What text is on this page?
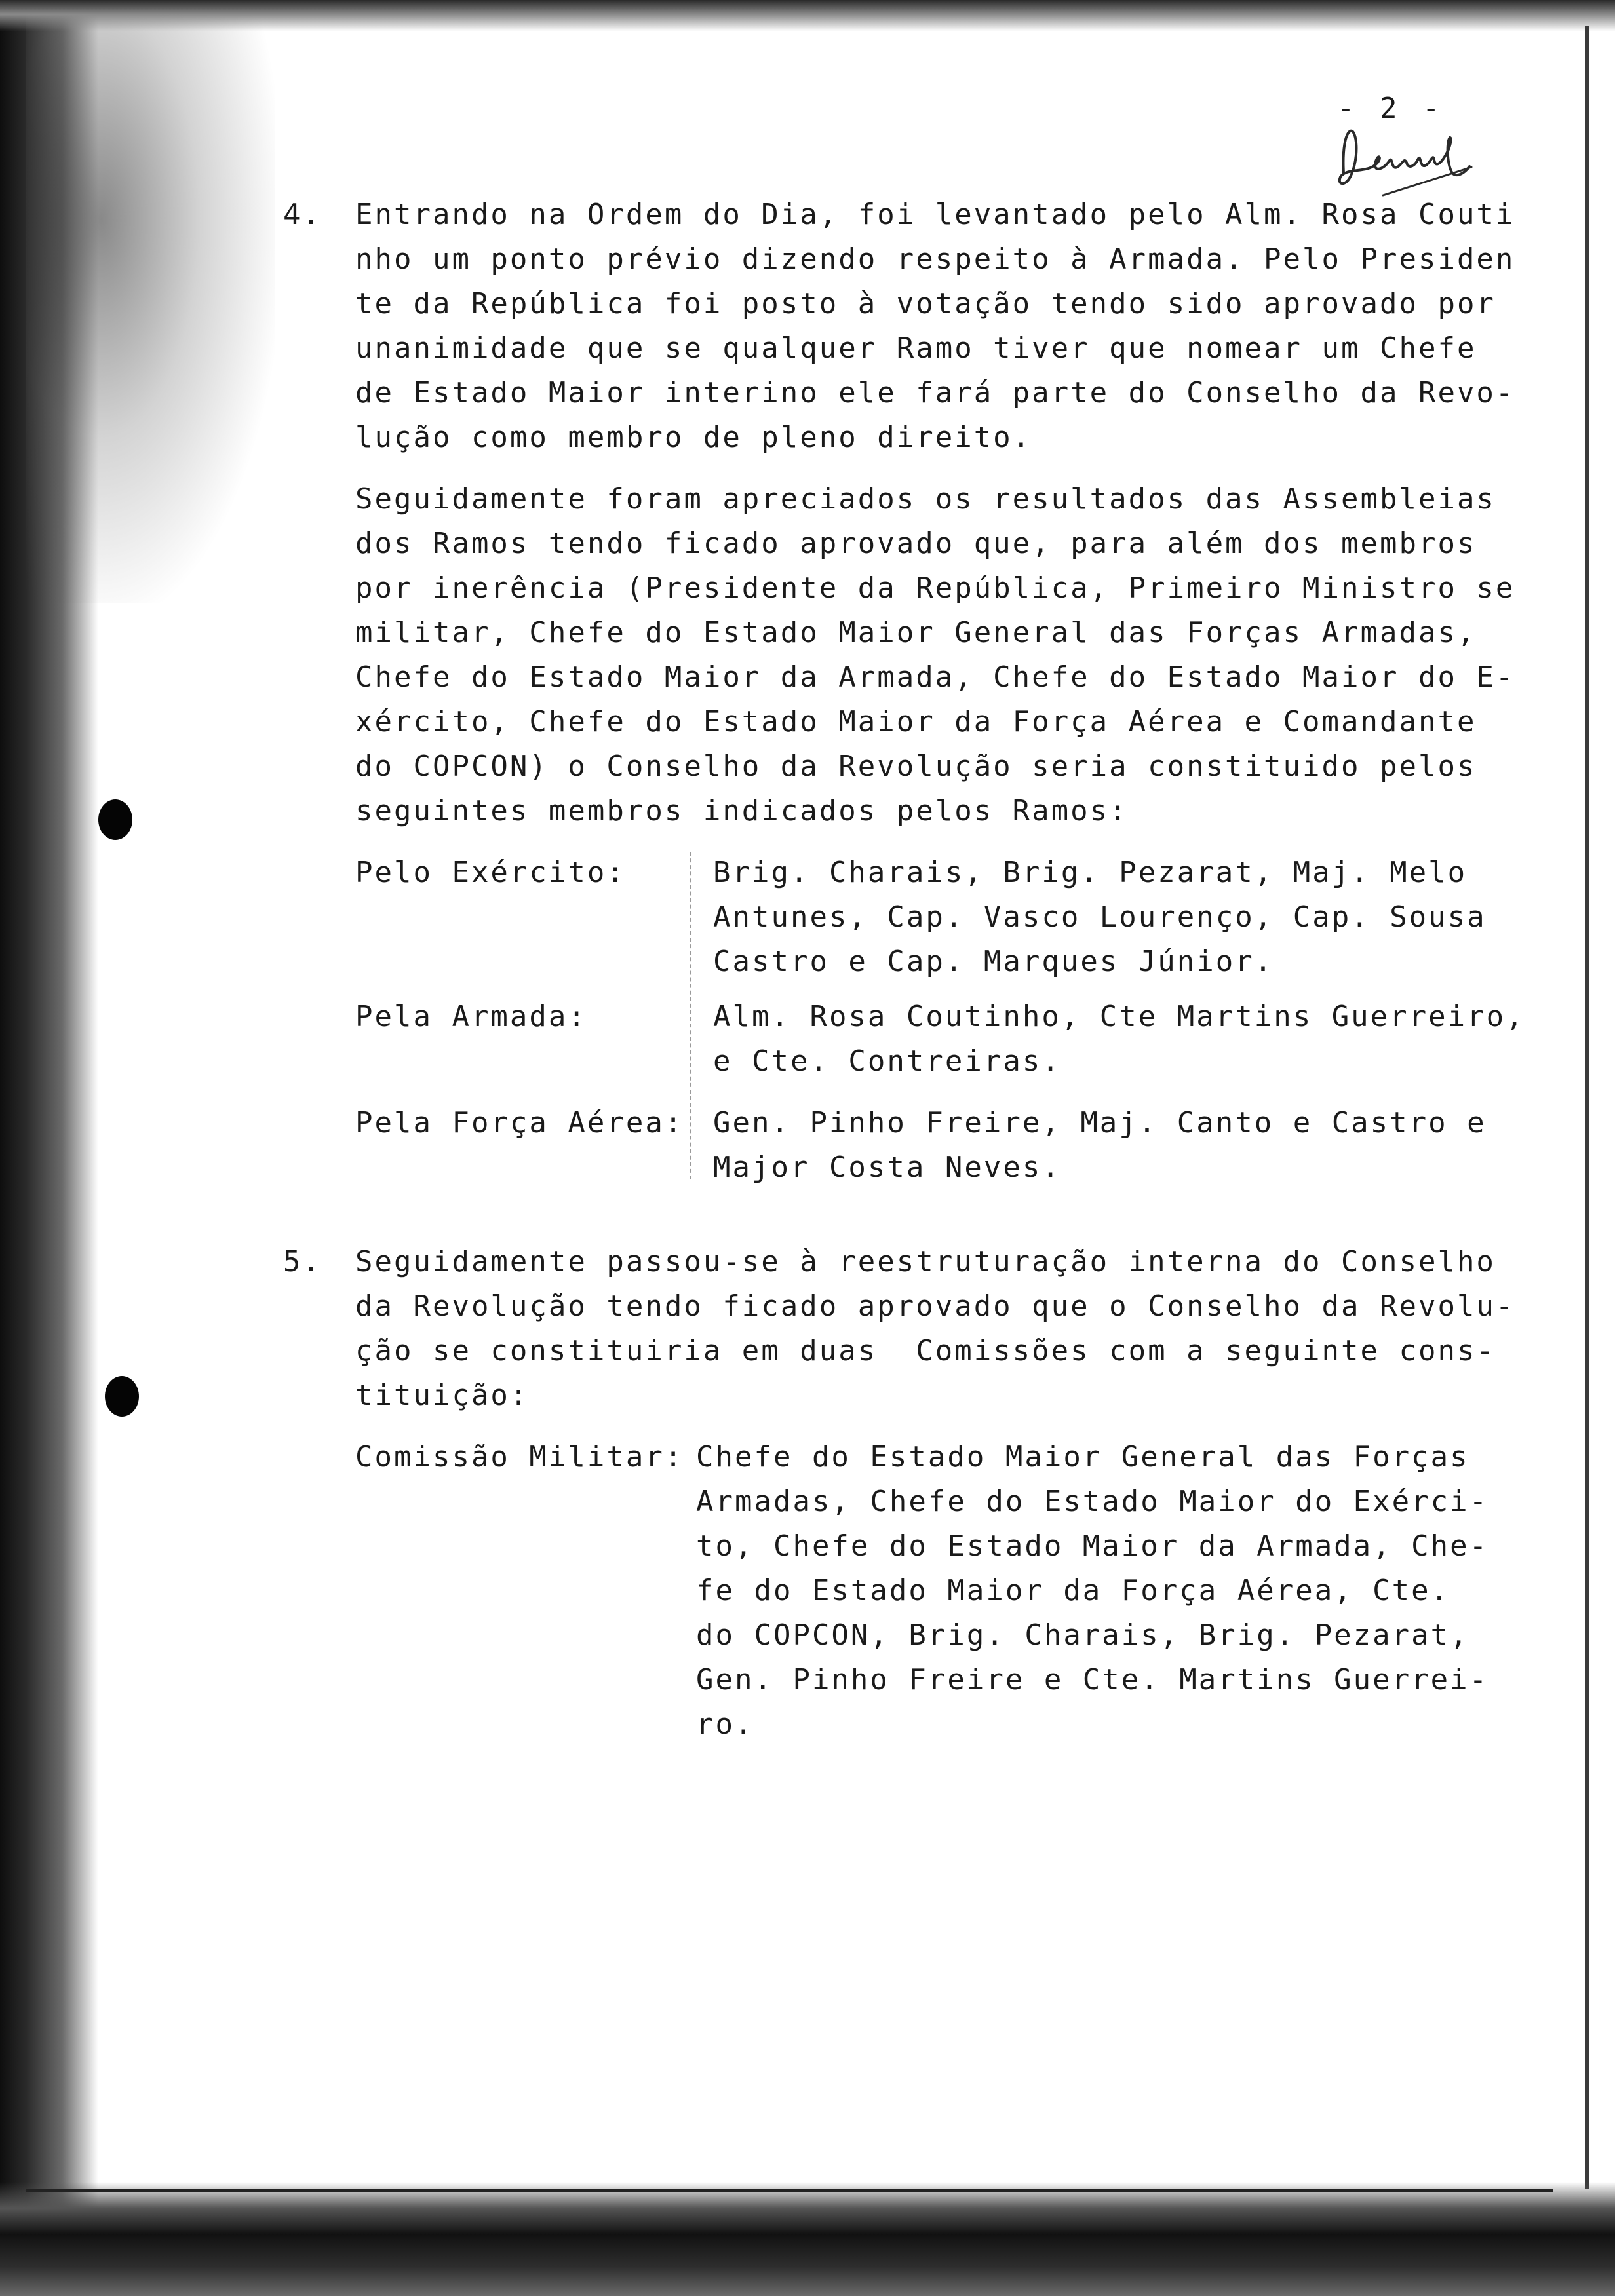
- 2 -
4. Entrando na Ordem do Dia, foi levantado pelo Alm. Rosa Couti
nho um ponto prévio dizendo respeito à Armada. Pelo Presiden
te da República foi posto à votação tendo sido aprovado por
unanimidade que se qualquer Ramo tiver que nomear um Chefe
de Estado Maior interino ele fará parte do Conselho da Revo-
lução como membro de pleno direito.
Seguidamente foram apreciados os resultados das Assembleias
dos Ramos tendo ficado aprovado que, para além dos membros
por inerência (Presidente da República, Primeiro Ministro se
militar, Chefe do Estado Maior General das Forças Armadas,
Chefe do Estado Maior da Armada, Chefe do Estado Maior do E-
xército, Chefe do Estado Maior da Força Aérea e Comandante
do COPCON) o Conselho da Revolução seria constituido pelos
seguintes membros indicados pelos Ramos:
Pelo Exército:	Brig. Charais, Brig. Pezarat, Maj. Melo
Antunes, Cap. Vasco Lourenço, Cap. Sousa
Castro e Cap. Marques Júnior.
Pela Armada:	Alm. Rosa Coutinho, Cte Martins Guerreiro,
e Cte. Contreiras.
Pela Força Aérea: Gen. Pinho Freire, Maj. Canto e Castro e
Major Costa Neves.
5. Seguidamente passou-se à reestruturação interna do Conselho
da Revolução tendo ficado aprovado que o Conselho da Revolu-
ção se constituiria em duas  Comissões com a seguinte cons-
tituição:
Comissão Militar: Chefe do Estado Maior General das Forças
Armadas, Chefe do Estado Maior do Exérci-
to, Chefe do Estado Maior da Armada, Che-
fe do Estado Maior da Força Aérea, Cte.
do COPCON, Brig. Charais, Brig. Pezarat,
Gen. Pinho Freire e Cte. Martins Guerrei-
ro.
